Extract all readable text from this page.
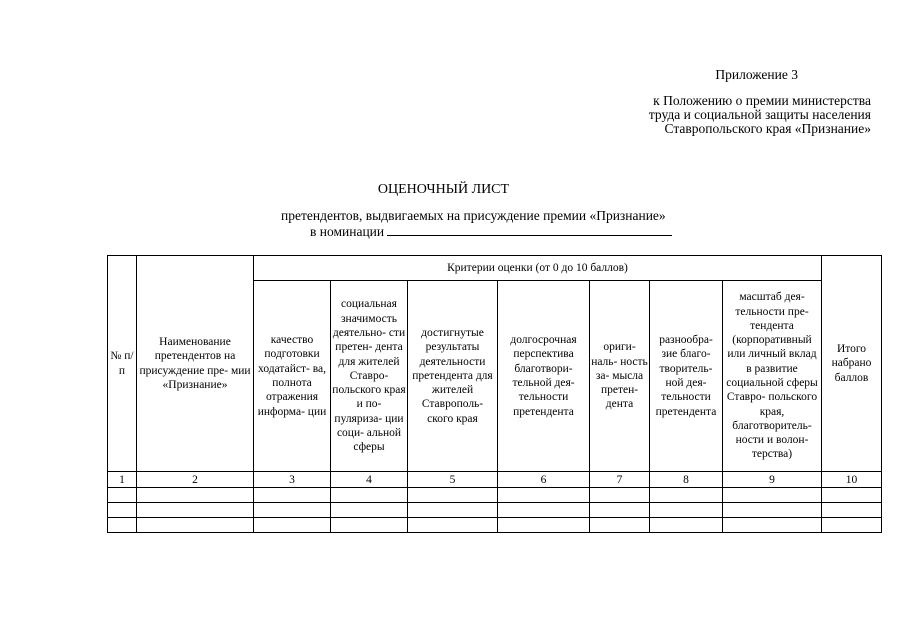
Приложение 3
к Положению о премии министерства
труда и социальной защиты населения
Ставропольского края «Признание»
ОЦЕНОЧНЫЙ ЛИСТ
претендентов, выдвигаемых на присуждение премии «Признание»
в номинации
№ п/ п	Наименование претендентов на присуждение пре- мии «Признание»	Критерии оценки (от 0 до 10 баллов)							Итого набрано баллов
		качество подготовки ходатайст- ва, полнота отражения информа- ции	социальная значимость деятельно- сти претен- дента для жителей Ставро- польского края и по- пуляриза- ции соци- альной сферы	достигнутые результаты деятельности претендента для жителей Ставрополь- ского края	долгосрочная перспектива благотвори- тельной дея- тельности претендента	ориги- наль- ность за- мысла претен- дента	разнообра- зие благо- творитель- ной дея- тельности претендента	масштаб дея- тельности пре- тендента (корпоративный или личный вклад в развитие социальной сферы Ставро- польского края, благотворитель- ности и волон- терства)	
1	2	3	4	5	6	7	8	9	10
